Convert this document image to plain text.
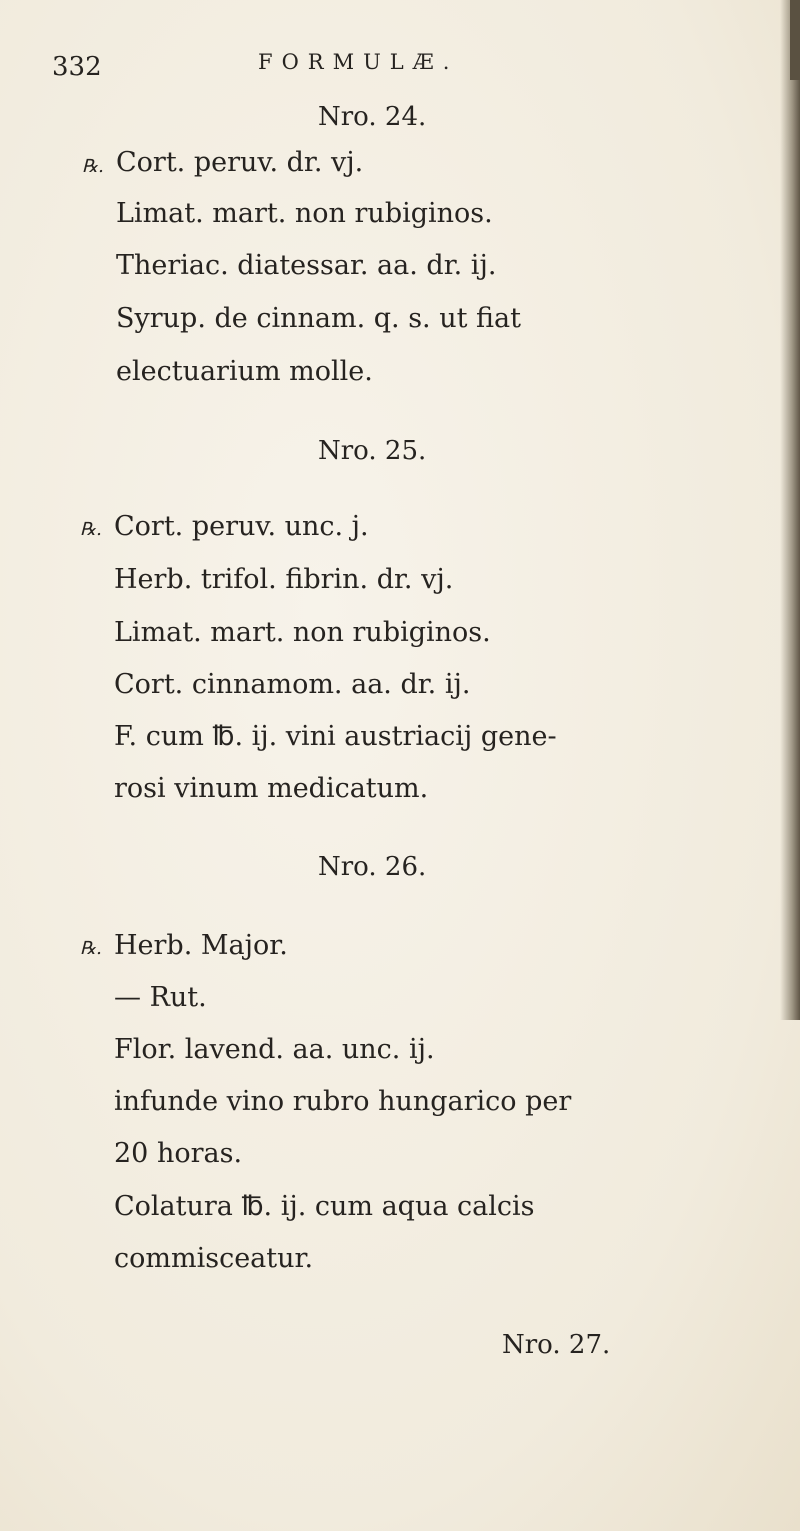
332	FORMULÆ.
Nro. 24.
℞. Cort. peruv. dr. vj.
Limat. mart. non rubiginos.
Theriac. diatessar. aa. dr. ij.
Syrup. de cinnam. q. s. ut fiat
electuarium molle.
Nro. 25.
℞. Cort. peruv. unc. j.
Herb. trifol. fibrin. dr. vj.
Limat. mart. non rubiginos.
Cort. cinnamom. aa. dr. ij.
F. cum ℔. ij. vini austriacij gene-
rosi vinum medicatum.
Nro. 26.
℞. Herb. Major.
— Rut.
Flor. lavend. aa. unc. ij.
infunde vino rubro hungarico per
20 horas.
Colatura ℔. ij. cum aqua calcis
commisceatur.
Nro. 27.
